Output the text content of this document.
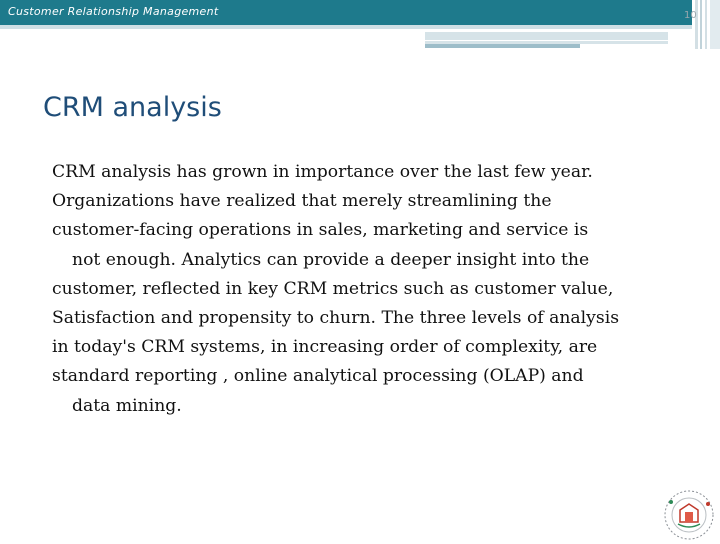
Customer Relationship Management	10
CRM analysis
CRM analysis has grown in importance over the last few year.
Organizations have realized that merely streamlining the
customer-facing operations in sales, marketing and service is
not enough. Analytics can provide a deeper insight into the
customer, reflected in key CRM metrics such as customer value,
Satisfaction and propensity to churn. The three levels of analysis
in today's CRM systems, in increasing order of complexity, are
standard reporting , online analytical processing (OLAP) and
data mining.
